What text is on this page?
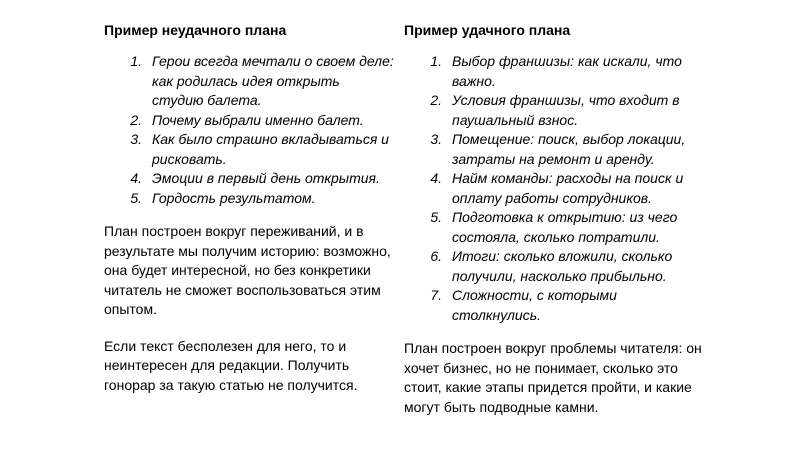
Пример неудачного плана
1. Герои всегда мечтали о своем деле: как родилась идея открыть студию балета.
2. Почему выбрали именно балет.
3. Как было страшно вкладываться и рисковать.
4. Эмоции в первый день открытия.
5. Гордость результатом.

План построен вокруг переживаний, и в результате мы получим историю: возможно, она будет интересной, но без конкретики читатель не сможет воспользоваться этим опытом.

Если текст бесполезен для него, то и неинтересен для редакции. Получить гонорар за такую статью не получится.

Пример удачного плана
1. Выбор франшизы: как искали, что важно.
2. Условия франшизы, что входит в паушальный взнос.
3. Помещение: поиск, выбор локации, затраты на ремонт и аренду.
4. Найм команды: расходы на поиск и оплату работы сотрудников.
5. Подготовка к открытию: из чего состояла, сколько потратили.
6. Итоги: сколько вложили, сколько получили, насколько прибыльно.
7. Сложности, с которыми столкнулись.

План построен вокруг проблемы читателя: он хочет бизнес, но не понимает, сколько это стоит, какие этапы придется пройти, и какие могут быть подводные камни.
